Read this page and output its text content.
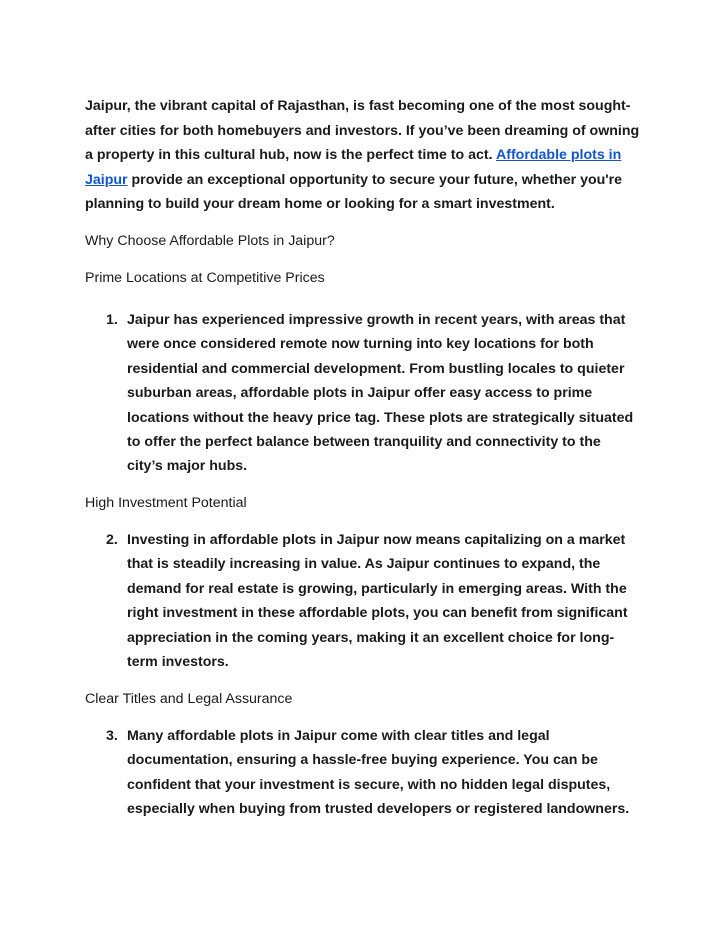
Jaipur, the vibrant capital of Rajasthan, is fast becoming one of the most sought-after cities for both homebuyers and investors. If you’ve been dreaming of owning a property in this cultural hub, now is the perfect time to act. Affordable plots in Jaipur provide an exceptional opportunity to secure your future, whether you're planning to build your dream home or looking for a smart investment.

Why Choose Affordable Plots in Jaipur?
Prime Locations at Competitive Prices

1. Jaipur has experienced impressive growth in recent years, with areas that were once considered remote now turning into key locations for both residential and commercial development. From bustling locales to quieter suburban areas, affordable plots in Jaipur offer easy access to prime locations without the heavy price tag. These plots are strategically situated to offer the perfect balance between tranquility and connectivity to the city’s major hubs.

High Investment Potential

2. Investing in affordable plots in Jaipur now means capitalizing on a market that is steadily increasing in value. As Jaipur continues to expand, the demand for real estate is growing, particularly in emerging areas. With the right investment in these affordable plots, you can benefit from significant appreciation in the coming years, making it an excellent choice for long-term investors.

Clear Titles and Legal Assurance

3. Many affordable plots in Jaipur come with clear titles and legal documentation, ensuring a hassle-free buying experience. You can be confident that your investment is secure, with no hidden legal disputes, especially when buying from trusted developers or registered landowners.
